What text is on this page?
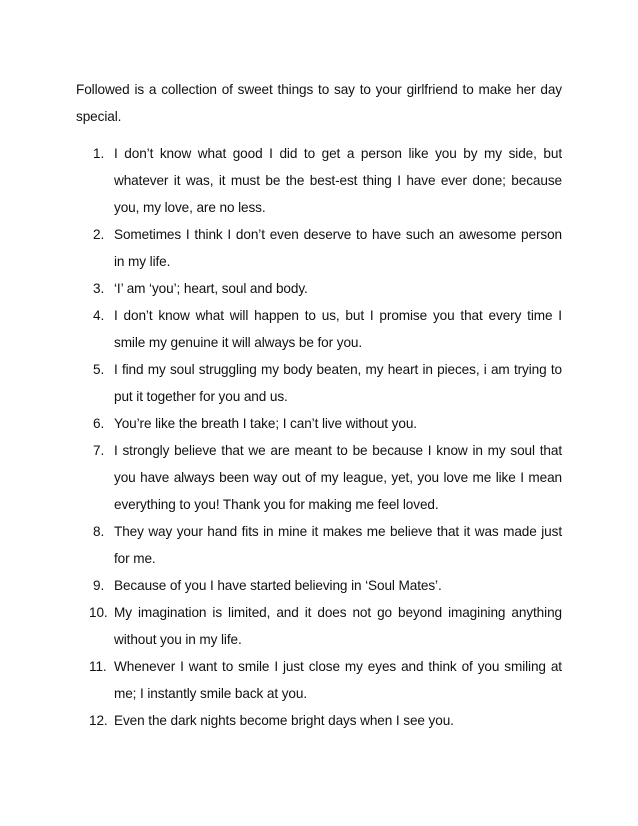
Followed is a collection of sweet things to say to your girlfriend to make her day special.

1. I don’t know what good I did to get a person like you by my side, but whatever it was, it must be the best-est thing I have ever done; because you, my love, are no less.
2. Sometimes I think I don’t even deserve to have such an awesome person in my life.
3. ‘I’ am ‘you’; heart, soul and body.
4. I don’t know what will happen to us, but I promise you that every time I smile my genuine it will always be for you.
5. I find my soul struggling my body beaten, my heart in pieces, i am trying to put it together for you and us.
6. You’re like the breath I take; I can’t live without you.
7. I strongly believe that we are meant to be because I know in my soul that you have always been way out of my league, yet, you love me like I mean everything to you! Thank you for making me feel loved.
8. They way your hand fits in mine it makes me believe that it was made just for me.
9. Because of you I have started believing in ‘Soul Mates’.
10. My imagination is limited, and it does not go beyond imagining anything without you in my life.
11. Whenever I want to smile I just close my eyes and think of you smiling at me; I instantly smile back at you.
12. Even the dark nights become bright days when I see you.
